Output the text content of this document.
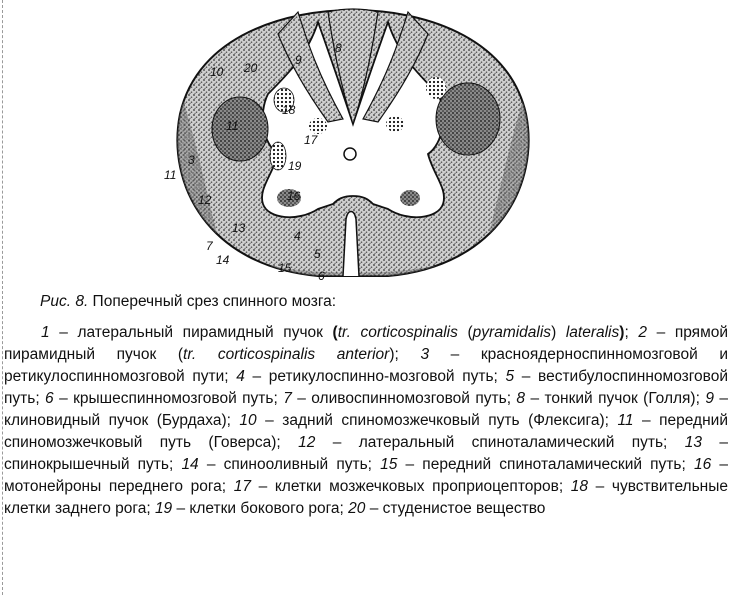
10 20
8
9
18
17
11
3	19
16
11
12
13
7
4
14	5
15
6
Рис. 8. Поперечный срез спинного мозга:
1 – латеральный пирамидный пучок (tr. corticospinalis (pyramidalis) lateralis); 2 – прямой пирамидный пучок (tr. corticospinalis anterior); 3 – красноядерноспинномозговой и ретикулоспинномозговой пути; 4 – ретикулоспинно-мозговой путь; 5 – вестибулоспинномозговой путь; 6 – крышеспинномозговой путь; 7 – оливоспинномозговой путь; 8 – тонкий пучок (Голля); 9 – клиновидный пучок (Бурдаха); 10 – задний спиномозжечковый путь (Флексига); 11 – передний спиномозжечковый путь (Говерса); 12 – латеральный спиноталамический путь; 13 – спинокрышечный путь; 14 – спинооливный путь; 15 – передний спиноталамический путь; 16 – мотонейроны переднего рога; 17 – клетки мозжечковых проприоцепторов; 18 – чувствительные клетки заднего рога; 19 – клетки бокового рога; 20 – студенистое вещество
